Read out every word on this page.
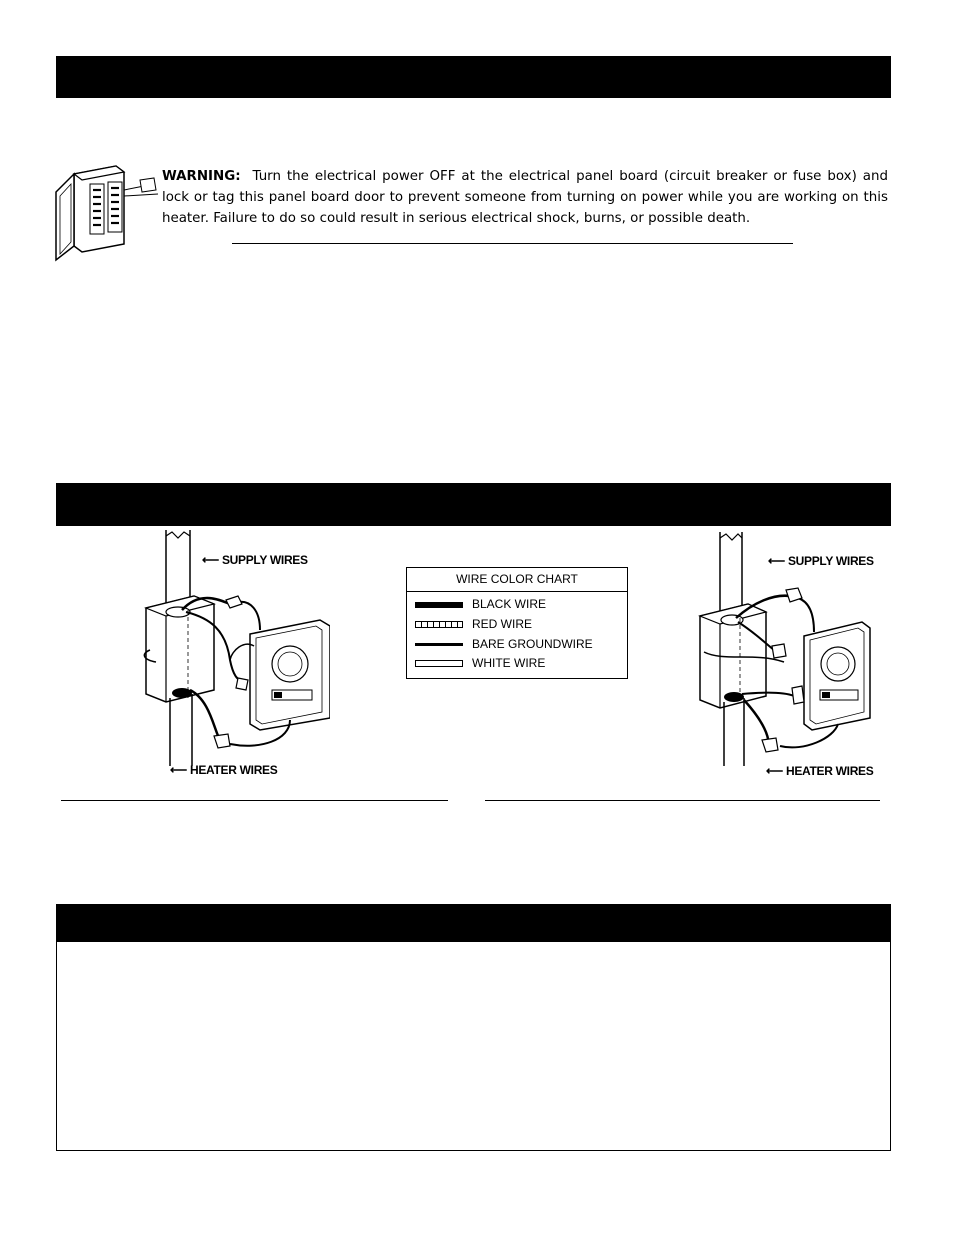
WARNING: Turn the electrical power OFF at the electrical panel board (circuit breaker or fuse box) and lock or tag this panel board door to prevent someone from turning on power while you are working on this heater. Failure to do so could result in serious electrical shock, burns, or possible death.
⟵ SUPPLY WIRES
⟵ HEATER WIRES
WIRE COLOR CHART
BLACK WIRE
RED WIRE
BARE GROUNDWIRE
WHITE WIRE
⟵ SUPPLY WIRES
⟵ HEATER WIRES
